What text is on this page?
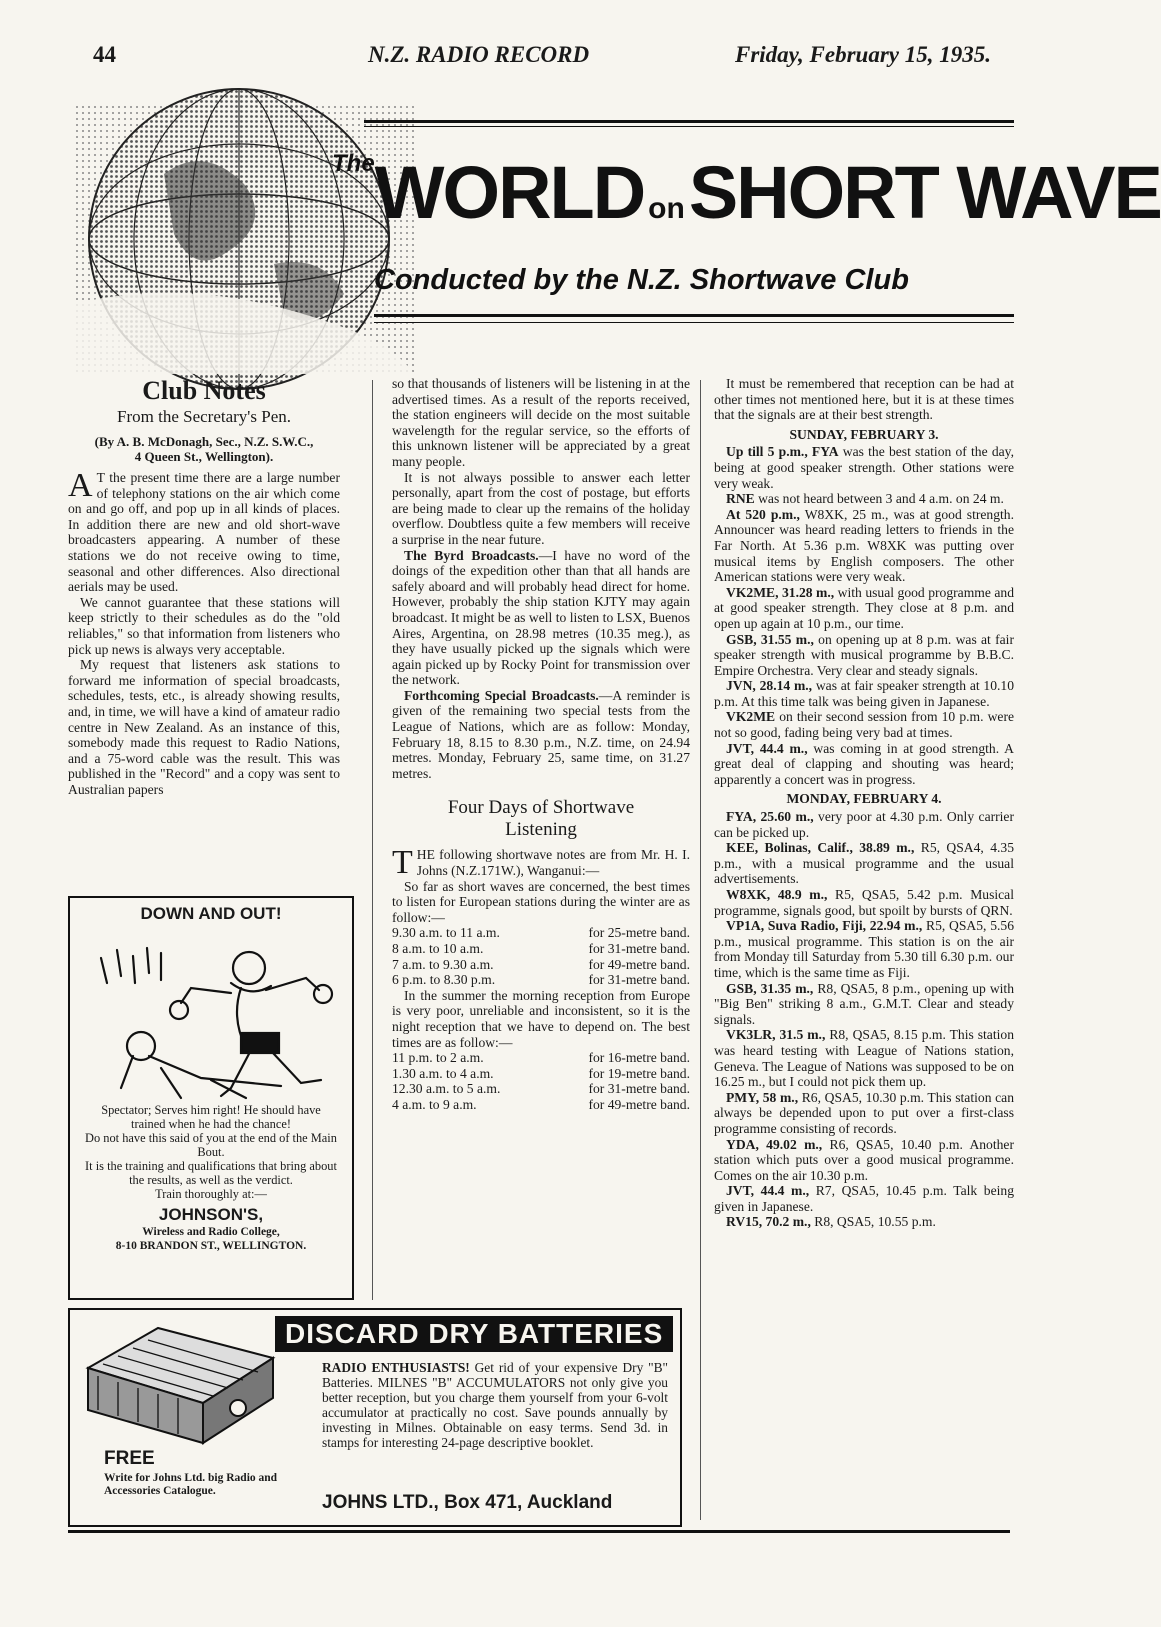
44	N.Z. RADIO RECORD	Friday, February 15, 1935.
TheWORLD onSHORT WAVE
Conducted by the N.Z. Shortwave Club
Club Notes
From the Secretary's Pen.
(By A. B. McDonagh, Sec., N.Z. S.W.C.,
4 Queen St., Wellington).

A T the present time there are a large number of telephony stations on the air which come on and go off, and pop up in all kinds of places. In addition there are new and old short-wave broadcasters appearing. A number of these stations we do not receive owing to time, seasonal and other differences. Also directional aerials may be used.

We cannot guarantee that these stations will keep strictly to their schedules as do the "old reliables," so that information from listeners who pick up news is always very acceptable.

My request that listeners ask stations to forward me information of special broadcasts, schedules, tests, etc., is already showing results, and, in time, we will have a kind of amateur radio centre in New Zealand. As an instance of this, somebody made this request to Radio Nations, and a 75-word cable was the result. This was published in the "Record" and a copy was sent to Australian papers

DOWN AND OUT!
Spectator; Serves him right! He should have trained when he had the chance!
Do not have this said of you at the end of the Main Bout.
It is the training and qualifications that bring about the results, as well as the verdict.
Train thoroughly at:—
JOHNSON'S,
Wireless and Radio College,
8-10 BRANDON ST., WELLINGTON.

so that thousands of listeners will be listening in at the advertised times. As a result of the reports received, the station engineers will decide on the most suitable wavelength for the regular service, so the efforts of this unknown listener will be appreciated by a great many people.

It is not always possible to answer each letter personally, apart from the cost of postage, but efforts are being made to clear up the remains of the holiday overflow. Doubtless quite a few members will receive a surprise in the near future.

The Byrd Broadcasts.—I have no word of the doings of the expedition other than that all hands are safely aboard and will probably head direct for home. However, probably the ship station KJTY may again broadcast. It might be as well to listen to LSX, Buenos Aires, Argentina, on 28.98 metres (10.35 meg.), as they have usually picked up the signals which were again picked up by Rocky Point for transmission over the network.

Forthcoming Special Broadcasts.—A reminder is given of the remaining two special tests from the League of Nations, which are as follow: Monday, February 18, 8.15 to 8.30 p.m., N.Z. time, on 24.94 metres. Monday, February 25, same time, on 31.27 metres.

Four Days of Shortwave
Listening

THE following shortwave notes are from Mr. H. I. Johns (N.Z.171W.), Wanganui:—

So far as short waves are concerned, the best times to listen for European stations during the winter are as follow:—

9.30 a.m. to 11 a.m.	for 25-metre band.
8 a.m. to 10 a.m.	for 31-metre band.
7 a.m. to 9.30 a.m.	for 49-metre band.
6 p.m. to 8.30 p.m.	for 31-metre band.

In the summer the morning reception from Europe is very poor, unreliable and inconsistent, so it is the night reception that we have to depend on. The best times are as follow:—

11 p.m. to 2 a.m.	for 16-metre band.
1.30 a.m. to 4 a.m.	for 19-metre band.
12.30 a.m. to 5 a.m.	for 31-metre band.
4 a.m. to 9 a.m.	for 49-metre band.
DISCARD DRY BATTERIES
FREE
Write for Johns Ltd. big Radio and Accessories Catalogue.
RADIO ENTHUSIASTS! Get rid of your expensive Dry "B" Batteries. MILNES "B" ACCUMULATORS not only give you better reception, but you charge them yourself from your 6-volt accumulator at practically no cost. Save pounds annually by investing in Milnes. Obtainable on easy terms. Send 3d. in stamps for interesting 24-page descriptive booklet.
JOHNS LTD., Box 471, Auckland

It must be remembered that reception can be had at other times not mentioned here, but it is at these times that the signals are at their best strength.

SUNDAY, FEBRUARY 3.

Up till 5 p.m., FYA was the best station of the day, being at good speaker strength. Other stations were very weak.

RNE was not heard between 3 and 4 a.m. on 24 m.

At 520 p.m., W8XK, 25 m., was at good strength. Announcer was heard reading letters to friends in the Far North. At 5.36 p.m. W8XK was putting over musical items by English composers. The other American stations were very weak.

VK2ME, 31.28 m., with usual good programme and at good speaker strength. They close at 8 p.m. and open up again at 10 p.m., our time.

GSB, 31.55 m., on opening up at 8 p.m. was at fair speaker strength with musical programme by B.B.C. Empire Orchestra. Very clear and steady signals.

JVN, 28.14 m., was at fair speaker strength at 10.10 p.m. At this time talk was being given in Japanese.

VK2ME on their second session from 10 p.m. were not so good, fading being very bad at times.

JVT, 44.4 m., was coming in at good strength. A great deal of clapping and shouting was heard; apparently a concert was in progress.

MONDAY, FEBRUARY 4.

FYA, 25.60 m., very poor at 4.30 p.m. Only carrier can be picked up.

KEE, Bolinas, Calif., 38.89 m., R5, QSA4, 4.35 p.m., with a musical programme and the usual advertisements.

W8XK, 48.9 m., R5, QSA5, 5.42 p.m. Musical programme, signals good, but spoilt by bursts of QRN.

VP1A, Suva Radio, Fiji, 22.94 m., R5, QSA5, 5.56 p.m., musical programme. This station is on the air from Monday till Saturday from 5.30 till 6.30 p.m. our time, which is the same time as Fiji.

GSB, 31.35 m., R8, QSA5, 8 p.m., opening up with "Big Ben" striking 8 a.m., G.M.T. Clear and steady signals.

VK3LR, 31.5 m., R8, QSA5, 8.15 p.m. This station was heard testing with League of Nations station, Geneva. The League of Nations was supposed to be on 16.25 m., but I could not pick them up.

PMY, 58 m., R6, QSA5, 10.30 p.m. This station can always be depended upon to put over a first-class programme consisting of records.

YDA, 49.02 m., R6, QSA5, 10.40 p.m. Another station which puts over a good musical programme. Comes on the air 10.30 p.m.

JVT, 44.4 m., R7, QSA5, 10.45 p.m. Talk being given in Japanese.

RV15, 70.2 m., R8, QSA5, 10.55 p.m.
